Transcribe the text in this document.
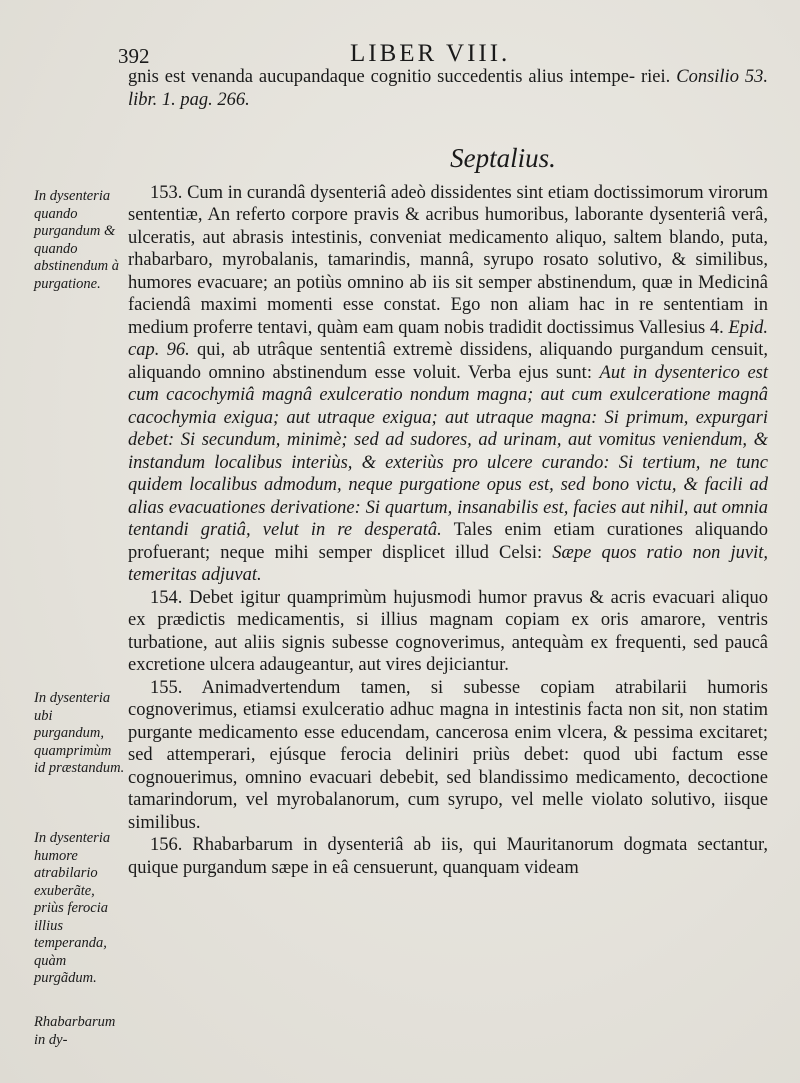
392	LIBER VIII.

gnis est venanda aucupandaque cognitio succedentis alius intempe- riei. Consilio 53. libr. 1. pag. 266.

Septalius.

153. Cum in curandâ dysenteriâ adeò dissidentes sint etiam doctissimorum virorum sententiæ, An referto corpore pravis & acribus humoribus, laborante dysenteriâ verâ, ulceratis, aut abrasis intestinis, conveniat medicamento aliquo, saltem blando, puta, rhabarbaro, myrobalanis, tamarindis, mannâ, syrupo rosato solutivo, & similibus, humores evacuare; an potiùs omnino ab iis sit semper abstinendum, quæ in Medicinâ faciendâ maximi momenti esse constat. Ego non aliam hac in re sententiam in medium proferre tentavi, quàm eam quam nobis tradidit doctissimus Vallesius 4. Epid. cap. 96. qui, ab utrâque sententiâ extremè dissidens, aliquando purgandum censuit, aliquando omnino abstinendum esse voluit. Verba ejus sunt: Aut in dysenterico est cum cacochymiâ magnâ exulceratio nondum magna; aut cum exulceratione magnâ cacochymia exigua; aut utraque exigua; aut utraque magna: Si primum, expurgari debet: Si secundum, minimè; sed ad sudores, ad urinam, aut vomitus veniendum, & instandum localibus interiùs, & exteriùs pro ulcere curando: Si tertium, ne tunc quidem localibus admodum, neque purgatione opus est, sed bono victu, & facili ad alias evacuationes derivatione: Si quartum, insanabilis est, facies aut nihil, aut omnia tentandi gratiâ, velut in re desperatâ. Tales enim etiam curationes aliquando profuerant; neque mihi semper displicet illud Celsi: Sæpe quos ratio non juvit, temeritas adjuvat.

154. Debet igitur quamprimùm hujusmodi humor pravus & acris evacuari aliquo ex prædictis medicamentis, si illius magnam copiam ex oris amarore, ventris turbatione, aut aliis signis subesse cognoverimus, antequàm ex frequenti, sed paucâ excretione ulcera adaugeantur, aut vires dejiciantur.

155. Animadvertendum tamen, si subesse copiam atrabilarii humoris cognoverimus, etiamsi exulceratio adhuc magna in intestinis facta non sit, non statim purgante medicamento esse educendam, cancerosa enim vlcera, & pessima excitaret; sed attemperari, ejúsque ferocia deliniri priùs debet: quod ubi factum esse cognouerimus, omnino evacuari debebit, sed blandissimo medicamento, decoctione tamarindorum, vel myrobalanorum, cum syrupo, vel melle violato solutivo, iisque similibus.

156. Rhabarbarum in dysenteriâ ab iis, qui Mauritanorum dogmata sectantur, quique purgandum sæpe in eâ censuerunt, quanquam videam

In dysenteria quando purgandum & quando abstinendum à purgatione.

In dysenteria ubi purgandum, quamprimùm id præstandum.

In dysenteria humore atrabilario exuberãte, priùs ferocia illius temperanda, quàm purgãdum.

Rhabarbarum in dy-
